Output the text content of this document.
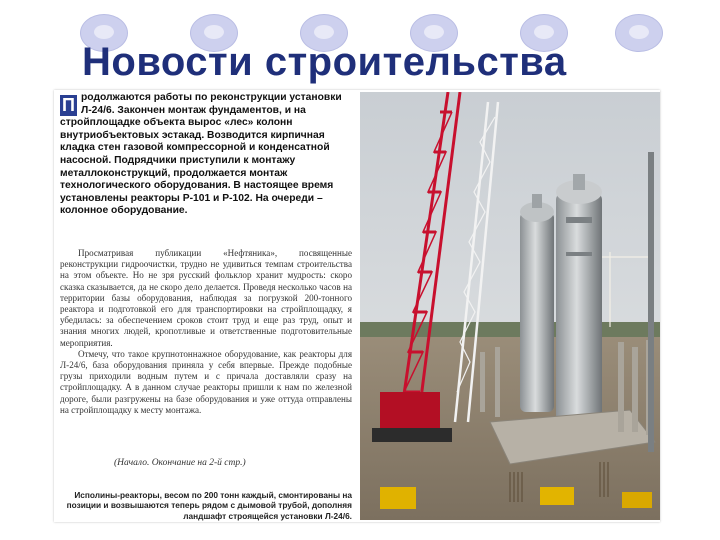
Новости строительства
П родолжаются работы по реконструкции установки Л-24/6. Закончен монтаж фундаментов, и на стройплощадке объекта выроc «лес» колонн внутриобъектовых эстакад. Возводится кирпичная кладка стен газовой компрессорной и конденсатной насосной. Подрядчики приступили к монтажу металлоконструкций, продолжается монтаж технологического оборудования. В настоящее время установлены реакторы Р-101 и Р-102. На очереди – колонное оборудование.

Просматривая публикации «Нефтяника», посвященные реконструкции гидроочистки, трудно не удивиться темпам строительства на этом объекте. Но не зря русский фольклор хранит мудрость: скоро сказка сказывается, да не скоро дело делается. Проведя несколько часов на территории базы оборудования, наблюдая за погрузкой 200-тонного реактора и подготовкой его для транспортировки на стройплощадку, я убедилась: за обеспечением сроков стоит труд и еще раз труд, опыт и знания многих людей, кропотливые и ответственные подготовительные мероприятия.

Отмечу, что такое крупнотоннажное оборудование, как реакторы для Л-24/6, база оборудования приняла у себя впервые. Прежде подобные грузы приходили водным путем и с причала доставляли сразу на стройплощадку. А в данном случае реакторы пришли к нам по железной дороге, были разгружены на базе оборудования и уже оттуда отправлены на стройплощадку к месту монтажа.

(Начало. Окончание на 2-й стр.)
Исполины-реакторы, весом по 200 тонн каждый, смонтированы на позиции и возвышаются теперь рядом с дымовой трубой, дополняя ландшафт строящейся установки Л-24/6.
